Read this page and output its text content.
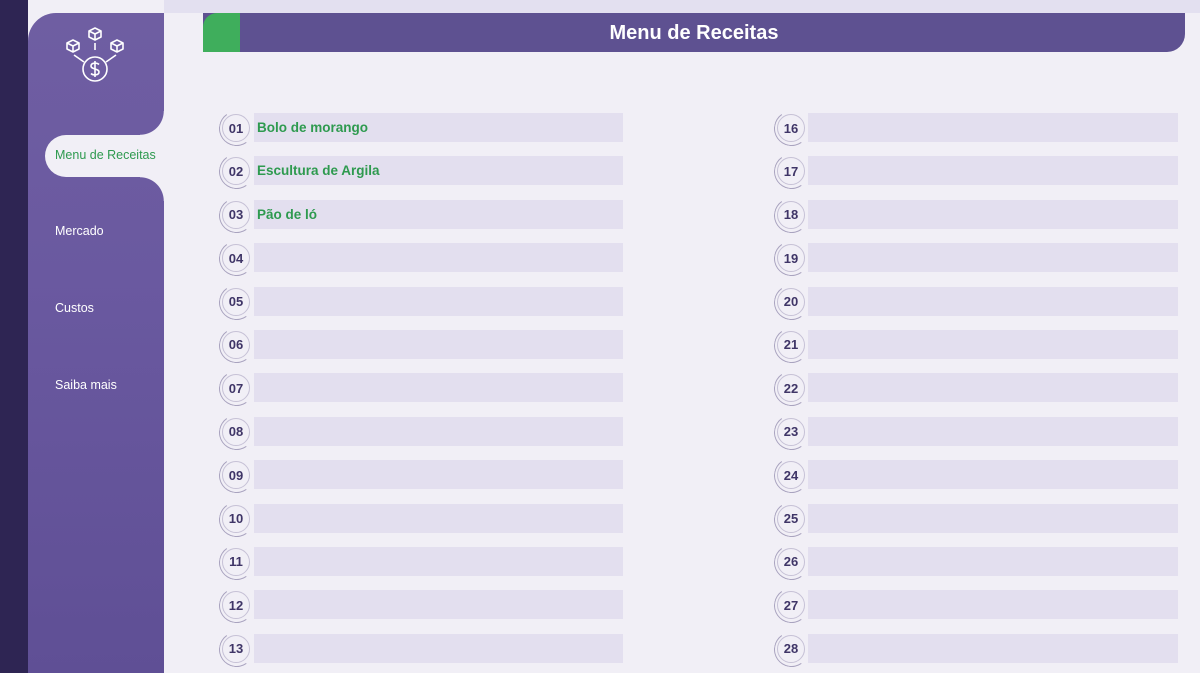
Menu de Receitas
Mercado
Custos
Saiba mais
Menu de Receitas
01	Bolo de morango
02	Escultura de Argila
03	Pão de ló
04
05
06
07
08
09
10
11
12
13
16
17
18
19
20
21
22
23
24
25
26
27
28
